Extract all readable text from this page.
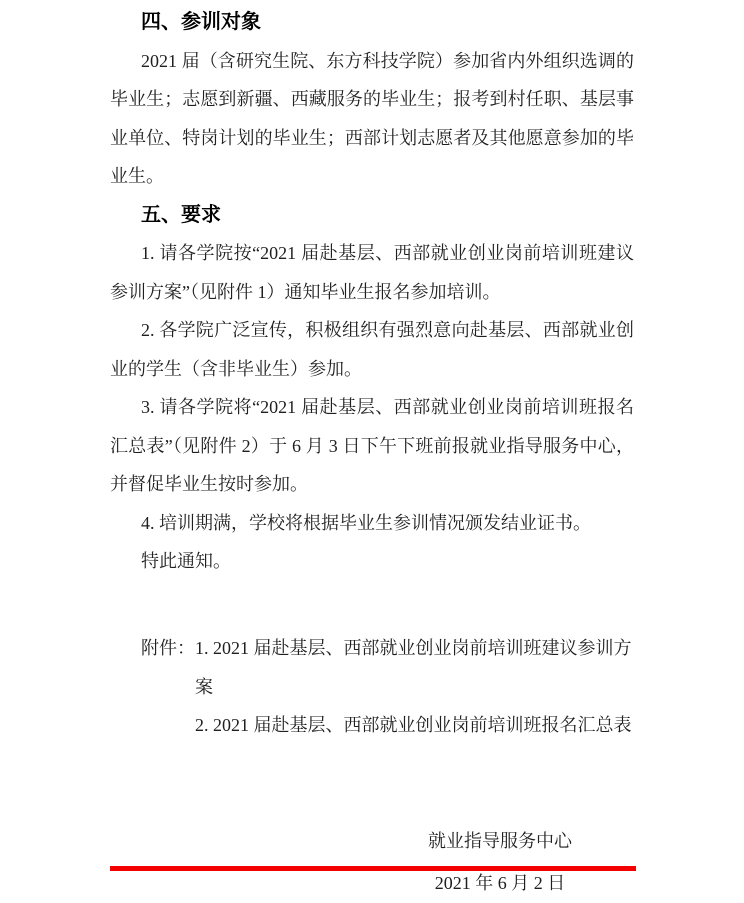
四、参训对象

2021 届（含研究生院、东方科技学院）参加省内外组织选调的毕业生；志愿到新疆、西藏服务的毕业生；报考到村任职、基层事业单位、特岗计划的毕业生；西部计划志愿者及其他愿意参加的毕业生。

五、要求

1. 请各学院按“2021 届赴基层、西部就业创业岗前培训班建议参训方案”（见附件 1）通知毕业生报名参加培训。

2. 各学院广泛宣传，积极组织有强烈意向赴基层、西部就业创业的学生（含非毕业生）参加。

3. 请各学院将“2021 届赴基层、西部就业创业岗前培训班报名汇总表”（见附件 2）于 6 月 3 日下午下班前报就业指导服务中心，并督促毕业生按时参加。

4. 培训期满，学校将根据毕业生参训情况颁发结业证书。

特此通知。

附件： 1. 2021 届赴基层、西部就业创业岗前培训班建议参训方案
2. 2021 届赴基层、西部就业创业岗前培训班报名汇总表
就业指导服务中心
2021 年 6 月 2 日
